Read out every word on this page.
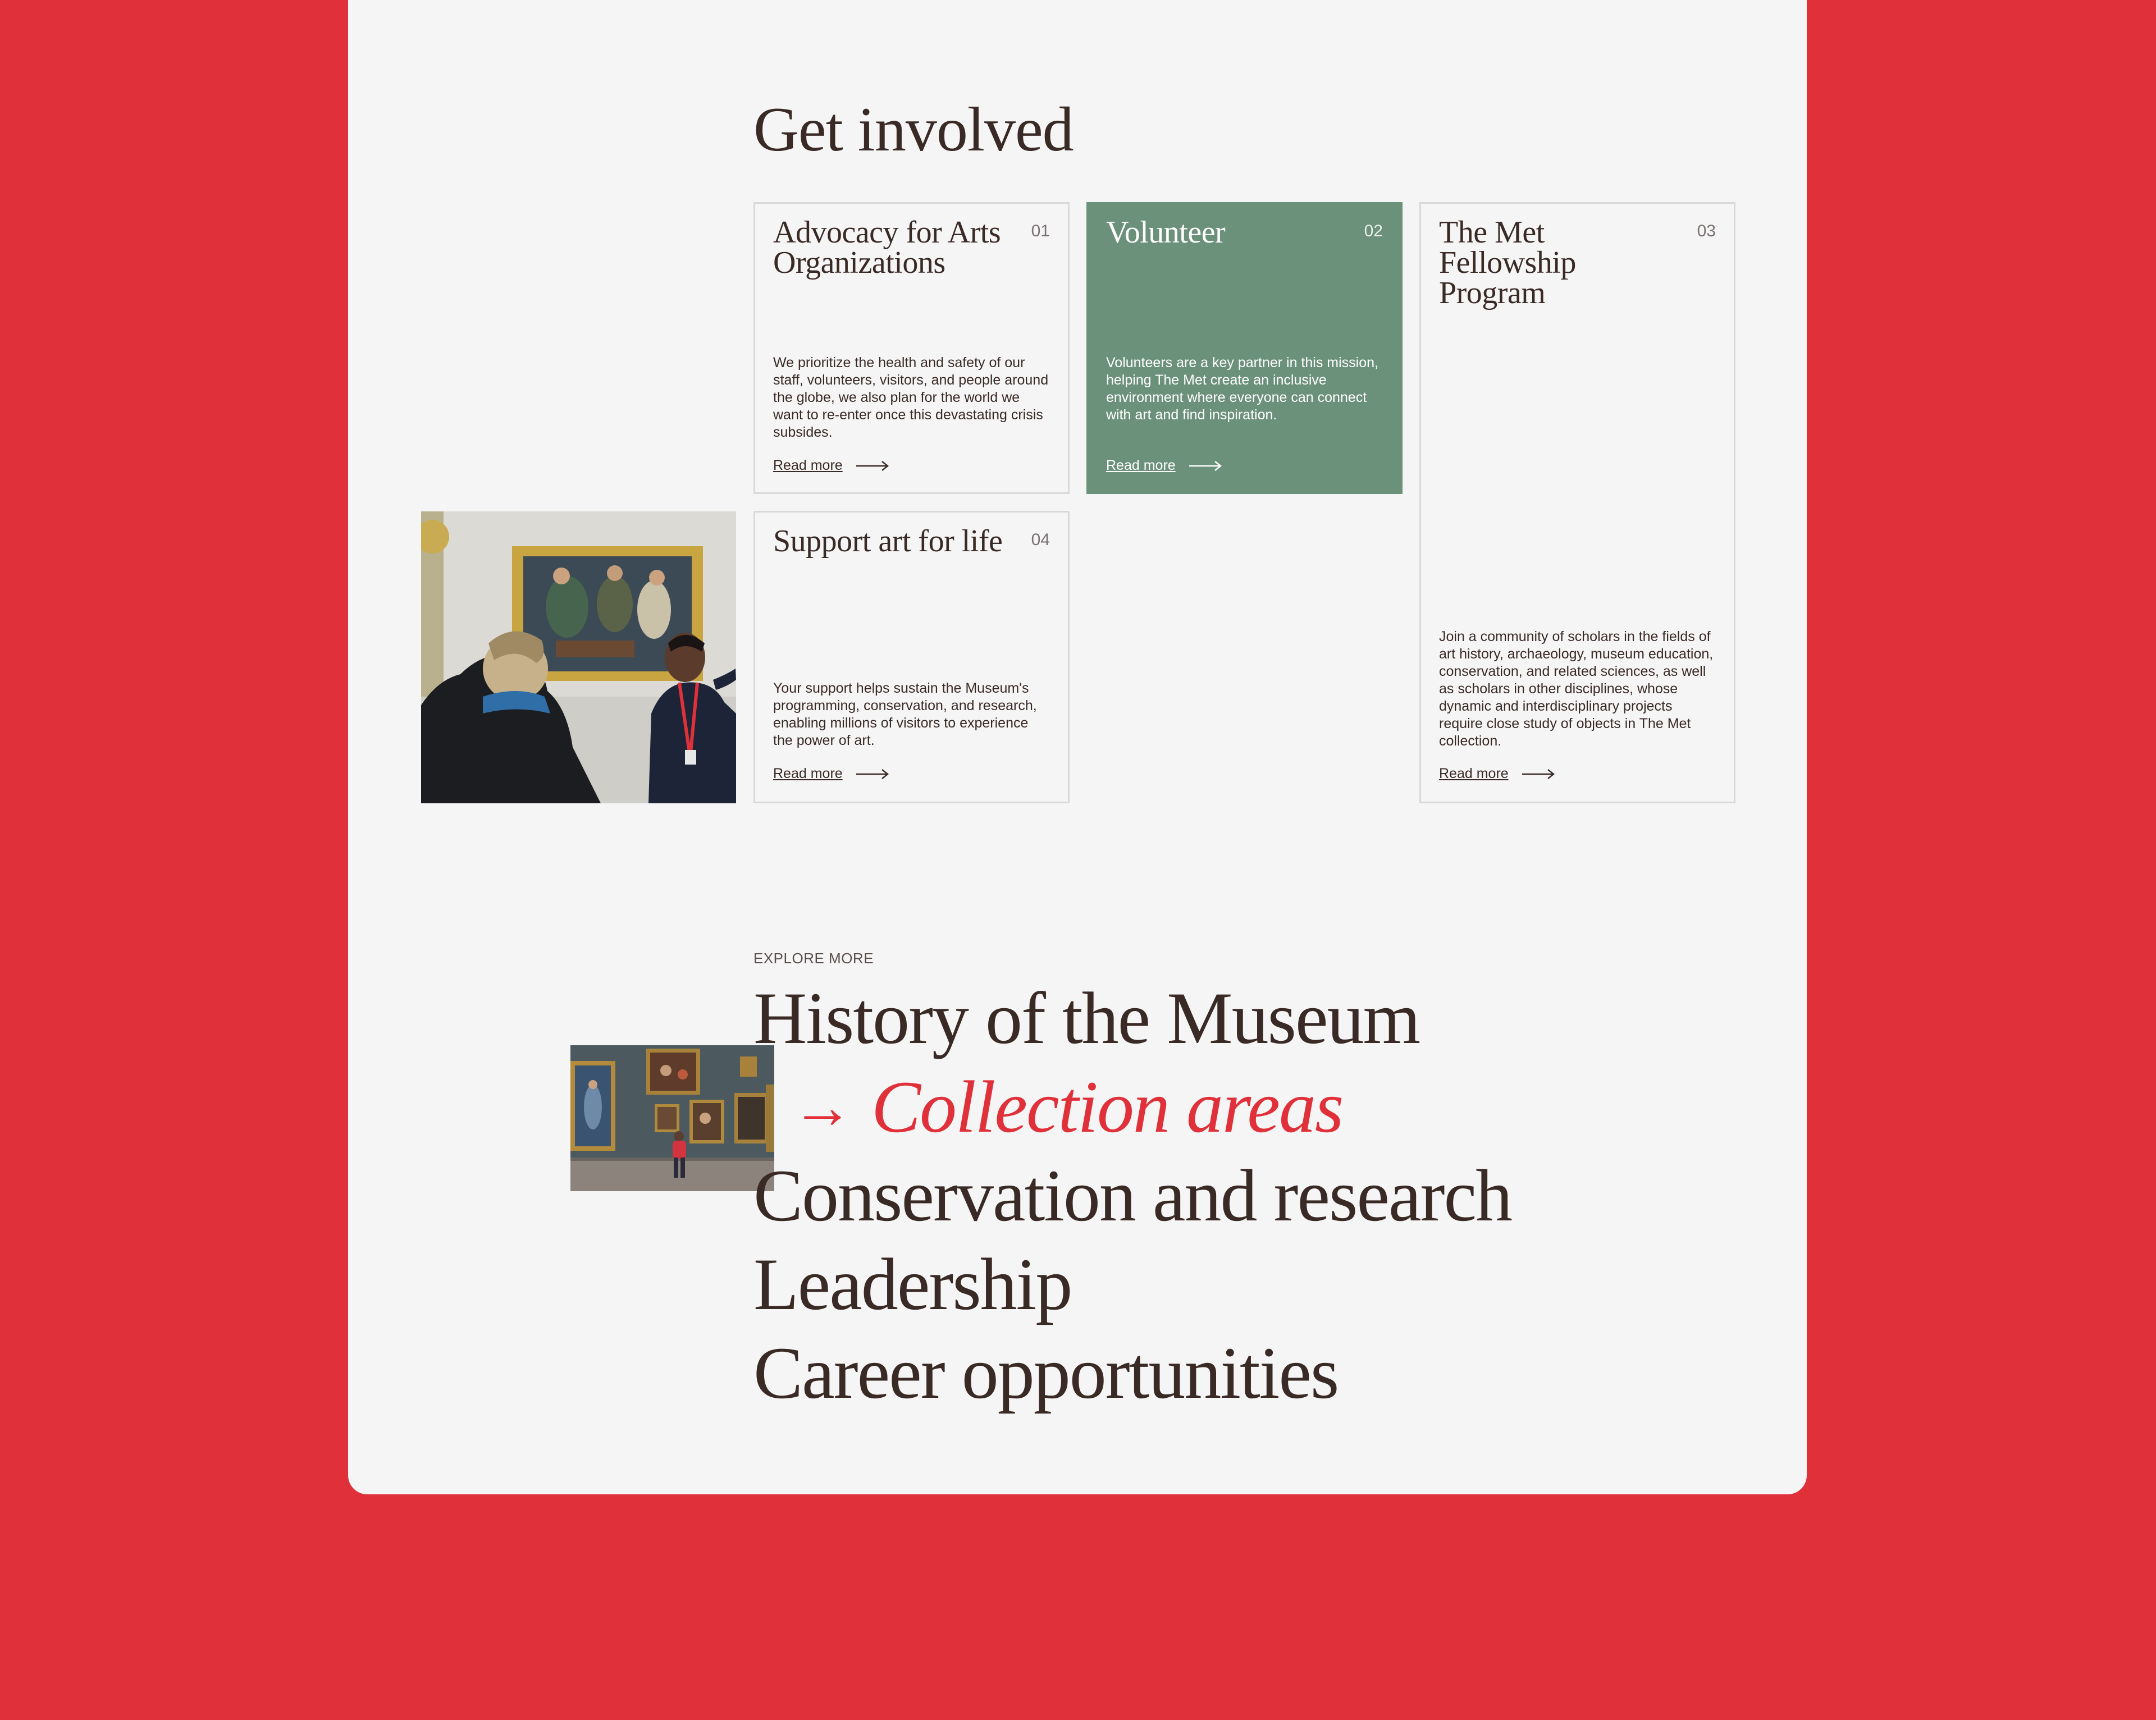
Get involved
Advocacy for Arts Organizations
01
We prioritize the health and safety of our staff, volunteers, visitors, and people around the globe, we also plan for the world we want to re-enter once this devastating crisis subsides.
Read more
Volunteer	02
Volunteers are a key partner in this mission, helping The Met create an inclusive environment where everyone can connect with art and find inspiration.
Read more
The Met Fellowship Program
03
Join a community of scholars in the fields of art history, archaeology, museum education, conservation, and related sciences, as well as scholars in other disciplines, whose dynamic and interdisciplinary projects require close study of objects in The Met collection.
Read more
Support art for life	04
Your support helps sustain the Museum's programming, conservation, and research, enabling millions of visitors to experience the power of art.
Read more
EXPLORE MORE
History of the Museum
→ Collection areas
Conservation and research
Leadership
Career opportunities
